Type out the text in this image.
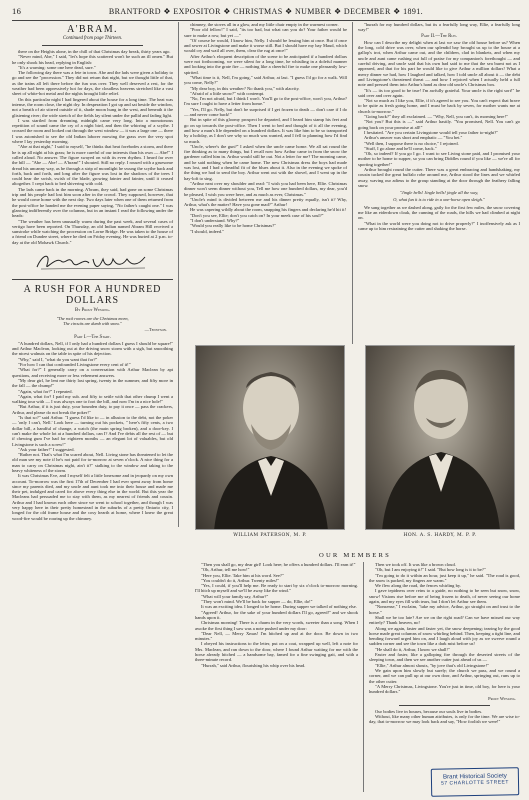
16	BRANTFORD ❖ EXPOSITOR ❖ CHRISTMAS ❖ NUMBER ❖ DECEMBER ❖ 1891.
A'BRAM.
Continued from page Thirteen.

there on the Heights alone, in the chill of that Christmas day break, thirty years ago.

"Never mind, Abe," I said, "let's hope this scattered won't be such an ill omen." But he only shook his head, replying in English:

"It's a warning: some one here dead, sure."

The following day there was a fete in town. Abe and the lads were given a holiday to go and see the "procession." They did not return that night, but we thought little of that, as the trains all left there before the fun was over. They well deserved a rest, for the weather had been oppressively hot for days, the cloudless heavens stretched like a vast sheet of white-hot metal and the nights brought little relief.

On this particular night I had lingered about the house for a long time. The heat was intense, the room close, the night dry. In desperation I got up and sat beside the window, not a breath of air stirred outside of it, shade moon hung in the west, and beneath it the glistening river; the wide stretch of the fields lay silent under the pallid and fading light.

I was startled from dreaming, midnight came very long. Into a monotonous repetition of sound came the cry of a night bird, and then the whirring of a scythe. I crossed the room and looked out through the west window — it was a large one — there I was astonished to see the old Indian laborer mowing the grass over the very spot where I lay yesterday morning.

"Abe at that night," I said to myself, "he thinks that heat forebodes a storm, and there he is up all night at his grass; he is more careful of our interests than his own — Abe!" I called aloud. No answer. The figure swayed on with its even rhythm. I heard far over the hill — "Abe — Abe! — A'bram!" I shouted. Still no reply. I roused with a gruesome dread his uncanny way, as he through a strip of moonlight he swung the scythe back and forth, back and forth, and long after the figure was lost in the shadows of the trees I could hear the swish, swish of the blade, growing fainter and fainter, until it ceased altogether. I crept back to bed shivering with cold.

The lads came back in the morning. A'bram, they said, had gone on some Christmas trip and his people had lost him soon after in the crowd. They supposed, however, that he would come home with the next day. Two days later when one of them returned from the post-office he handed me the evening paper saying, "No father's caught one." I was glancing indifferently over the columns, but in an instant I read the following under the heads:

"The weather has been unusually warm during the past week, and several cases of vertigo have been reported. On Thursday, an old Indian named Abram Hill received a sunstroke while watching the procession on Lorne Bridge. He was taken to the house of a friend on Dundee street, where he died on Friday evening. He was buried at 2 p.m. to-day at the old Mohawk Church."

A RUSH FOR A HUNDRED DOLLARS
By Prout Wesling.
"The rock rooves are the Christmas morn,
The circuits are dumb with snow."
—Tennyson.
Part I.—The Start.

"A hundred dollars, Nell, if I only had a hundred dollars I guess I should be square!" and Arthur Maclean, looking out at the driving snow storm with a sigh, but smoothing the nicest walnuts on the table in spite of his dejection.

"Why," said I, "what do you want that for?"

"For how I can that confounded Livingstone every cent of it!"

"What for?" I generally carry on a conversation with Arthur Maclean by apt questions, and receiving more or less vehement answers.

"My dear girl, he lent me thirty last spring, twenty in the summer, and fifty more in the fall — the chump!"

"Again, what for?" I repeated.

"Again, what for? I paid my sub. and fifty to settle with that other chump I went a walking tour with — I was always one to foot the bill, and now I'm in a nice hole!"

"But Arthur, if it is just duty, your bounden duty, to pay it once — pass the crackers, Arthur, and please do not break the poker!"

"Is that so?" said Arthur. "I guess I'd like to — in allusion to the debt, not the poker — 'only I can't, Nell.' Look here — turning out his pockets, " here's fifty cents, a two dollar bill, a handful of change, a watch (the main spring broken), and a door-key. I can't make the whole lot at a hundred dollars, can I? And I've debts all the rest of — but if chewing gum I've had for eighteen months — an elegant lot of valuables, but old Livingstone is such a screw!"

"Ask your father!" I suggested.

"Rather not. That's what I'm scared about, Nell. Living stone has threatened to let the old man see my note if he's not paid for to-morrow at seven o'clock. A nice thing for a man to carry on Christmas night, ain't it?" stalking to the window and taking to the heavy whiteness of the storm.

It was Christmas Eve, and I myself felt a little lonesome and in jeopardy on my own account. To-morrow was the first 17th of December I had ever spent away from home since my parents died, and my uncle and aunt took me into their house and made me their pet, indulged and cared for above every thing else in the world. But this year the Macleans had persuaded me to stay with them, as my nearest of friends and cousin. Arthur and I had known each other since we went to school together, and though I was very happy here in their pretty homestead in the suburbs of a pretty Ontario city, I longed for the old frame house and the cosy hearth at home, where I knew the great wood-fire would be roaring up the chimney.

chimney, the stoves all in a glow, and my little chair empty in the warmest corner.

"Poor old fellow!" I said, "its too bad, but what can you do? Your father would be sure to make a row, but yet —"

"Of course he would, I know him, Nelly. I should be lessing him at once. But if once and sewer at Livingstone and make it worse still. But I should have my bay Maud, which would cry and wail all over, them, clear the rug at once!"

After Arthur's eloquent description of the scene to be anticipated if a hundred dollars were not forthcoming, we were silent for a long time, he whistling in a doleful manner and looking into the grate fire — nothing like a cheerful fire to make one pleasantly low-spirited.

"What time is it, Nell, I'm going," said Arthur, at last. "I guess I'd go for a walk. Will you come, Nelly?"

"My dear boy, in this weather? No thank you," with alacrity.

"Afraid of a little snow?" with contempt.

"No, I'm not afraid, but I think I won't. You'll go to the post-office, won't you, Arthur? I'm sure I ought to have a letter from home."

"Yes, I'll go. Nelly, but don't be surprised if I get frozen to death — don't care if I do — and never come back!"

But in spite of this gloomy prospect he departed, and I heard him stamp his feet and go on up towards the post-office. Then I went to bed and thought of it all the evening, and how a man's life depended on a hundred dollars. It was like him to be so transported by a holiday, as I don't see why so much was wanted, and I fell to planning how I'd find so much.

"Uncle, where's the gun?" I asked when the uncle came home. We all sat round the fire thinking as to many things, but I recall now how Arthur came in from the snow the gardener called him in. Arthur would still be out. Not a letter for me? The morning came, and he said nothing when he came home. The new Christmas dress the boys had made was lost, and I had a dreadful fit of the blues about it. Also in the evening we spoke of the thing we had to send the boy. Arthur went out with the shovel, and I went up in the hay-loft to sing.

"Arthur neat over my shoulder and read: "I wish you had been here, Ellie. Christmas dinner won't seem dinner without you, Tell me how one hundred dollars, my dear, you'd be pleased, I wish you were here, and as much as ever, Christmas."

"Uncle's mind is divided between me and his dinner pretty equally, isn't it? Why, Arthur, what's the matter? Have you gone mad?" Arthur!

He was capering wildly about the room, snapping his fingers and declaring he'd hit it!

"Don't you see, Ellie; don't you catch on? In your meek case of his soul?"

"I don't understand. Why?"

"Would you really like to be home Christmas?"

"I should, indeed."

"hurrah for my hundred dollars, but its a fearfully long way, Ellie, a fearfully long way!"

Part II.—The Run.

How can I describe my delight when at last we saw the old house before us? When the long, cold drive was over, when our splendid bay brought us up to the house at a gallop's trot, when Arthur came out, and the children, clad in blankets, and when my uncle and aunt came rushing out full of praise for my companion's forethought — and careful driving, and uncle said that his own had said to me that the sea burnt not as I appeared, and that for his part he would like to give Arthur a million dollars! What a merry dinner we had, how I laughed and talked, how I told uncle all about it — the debt and Livingstone's threatened threat — and how I rejoiced when I actually held a full note and pressed them into Arthur's hand as dear old uncle's Christmas box.

"It's — its too good to be true! I'm awfully grateful. Your uncle is the right sort!" he said over and over again.

"Not so much as I like you, Ellie, if it's agreed to see you. You can't expect that brave to be quite as fresh going home, and I must be back by seven, for mother wants me at church to-morrow."

"Going back?" they all exclaimed. — "Why, Nell, you can't, its morning here!"

"Not you? But this is —" said Arthur hastily. "You promised, Nell. You can't go going back on your promise at all!"

I hesitated. "Are you certain Livingstone would tell your father to-night?"

Arthur's answer was short and emphatic — "You bet."

"Well then, I suppose there is no choice," I rejoined.

"Stuff, I go alone and he'll come, back."

"Oh, so indeed? If you go I go. I want to see Living stone paid, and I promised your mother to be home to supper, so you can bring Diddles round if you like — we're all for sporting together!"

Arthur brought round the cutter. There was a great embracing and handshaking, my cousin tucked the great buffalo robe around me, Arthur stood the lines and we whirled away, waving our adieus to the group standing at the door through the feathery falling snow.

"Jingle bells! Jingle bells! jingle all the way,
O, what fun it is to ride in a one-horse open sleigh."

We sang together as we dashed along, gaily for the first few miles, the snow covering me like an eiderdown cloak, the cunning of the roads, the hills we had climbed at night on.

"What in the world were you doing not to drive properly?" I inoffensively ask as I came up to him restraining the cutter and shaking the horse.

WILLIAM PATERSON, M. P.	HON. A. S. HARDY, M. P. P.
OUR MEMBERS

"Then you shall go, my dear girl! Look here; he offers a hundred dollars. I'll earn it!"

"Oh, Arthur, tell me how!"

"Here you, Ellie. Take him at his word. See?"

"You couldn't do it, Arthur. Twenty miles!"

"Yes, I could, if you'll help me. Be ready to start by six o'clock to-morrow morning. I'll hitch up myself and we'll be away like the wind."

"What will your family say, Arthur?"

"They won't mind. We'll be back for supper — do, Ellie, do!"

It was an exciting idea. I longed to be home. During supper we talked of nothing else.

"Agreed! Arthur, for the sake of your hundred dollars I'll go, agreed!" and we shook hands upon it.

Christmas morning! There is a charm in the very words, sweeter than a song. When I awoke the first thing I saw was a note pushed under my door:

"Dear Nell, — Merry Xmas! I'm hitched up and at the door. Be down in two minutes."

I obeyed his instructions to the letter, put on a coat, wrapped up well, left a note for Mrs. Maclean, and ran down to the door, where I found Arthur waiting for me with the horse already hitched — a handsome bay, famed for a fine swinging gait, and with a three-minute record.

"Hurrah," said Arthur, flourishing his whip over his head.

Then we took off. It was like a brown cloud.

"Oh, but I am enjoying it!" I said. "But how long is it to be?"

"I'm going to do it within an hour, just keep it up," he said. "The road is good, the snow is packed, my fingers are warm."

We flew along the road, the fences whirling by.

I gave tepidness over reins to a guide, no nothing to be seen but snow, snow, snow! Visions rise before me of being frozen to death, of never seeing our home again, and my eyes fill with tears, but I don't let Arthur see them.

"Nonsense," I exclaim, "take my advice, Arthur, go straight on and trust to the horse."

Shall we be too late? Are we on the right road? Can we have missed our way entirely? Thank heaven, no!

Along we again, faster and faster yet, the snow deepening; tearing by the good horse made great columns of snow whirling behind. Then, keeping a tight line, and bending forward urged him on, and I laugh aloud with joy as we swerve round a sudden corner and see the town like a dark mist before us!

"He shall do it, Arthur, I know we shall!"

Faster and faster, like a galloping fire through the deserted streets of the sleeping town, and then we see another cutter just ahead of us —

"Ellie," Arthur almost shouts, "by jove that's old Livingstone!"

We gain upon him slowly but surely; the church we pass, and we round a corner, and we can pull up at our own door, and Arthur, springing out, runs up to the other cutter.

"A Merry Christmas, Livingstone. You're just in time, old boy, for here is your hundred dollars."

Prout Wesling.

Our bodies live in houses, because our souls live in bodies.

Without, like many other human attributes, is only for the time. We are wise to-day, that to-morrow we may look back and say, "How foolish we were!"

Brant Historical Society
57 CHARLOTTE STREET
